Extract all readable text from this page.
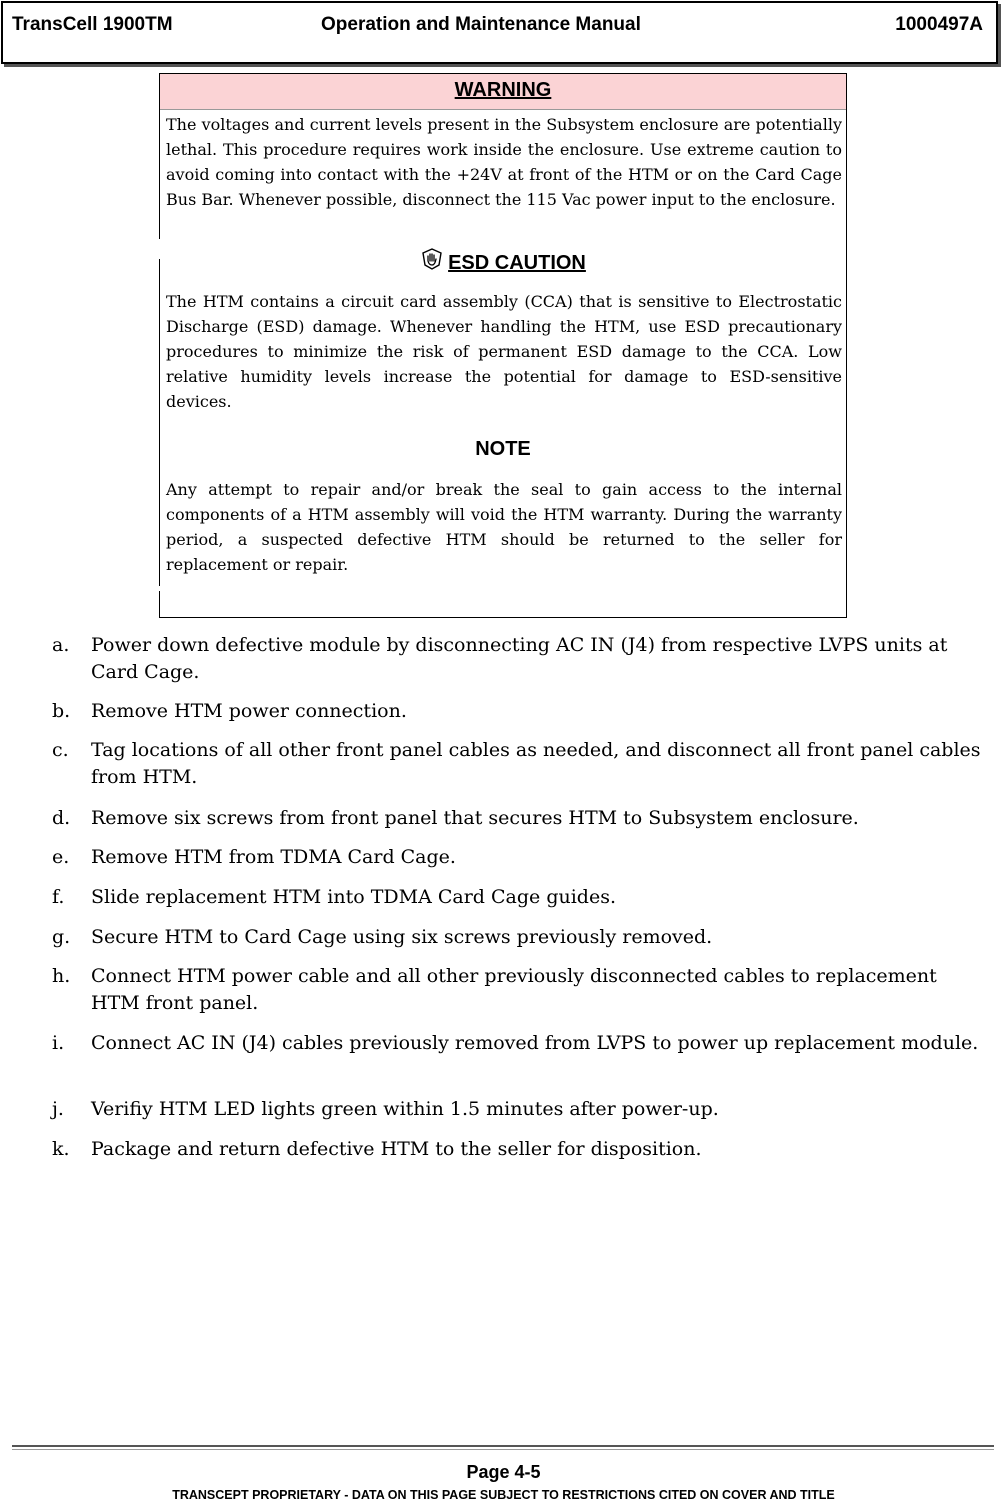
TransCell 1900TM	Operation and Maintenance Manual	1000497A
WARNING
The voltages and current levels present in the Subsystem enclosure are potentially lethal. This procedure requires work inside the enclosure. Use extreme caution to avoid coming into contact with the +24V at front of the HTM or on the Card Cage Bus Bar. Whenever possible, disconnect the 115 Vac power input to the enclosure.
ESD CAUTION
The HTM contains a circuit card assembly (CCA) that is sensitive to Electrostatic Discharge (ESD) damage. Whenever handling the HTM, use ESD precautionary procedures to minimize the risk of permanent ESD damage to the CCA. Low relative humidity levels increase the potential for damage to ESD-sensitive devices.
NOTE
Any attempt to repair and/or break the seal to gain access to the internal components of a HTM assembly will void the HTM warranty. During the warranty period, a suspected defective HTM should be returned to the seller for replacement or repair.
a.	Power down defective module by disconnecting AC IN (J4) from respective LVPS units at Card Cage.
b.	Remove HTM power connection.
c.	Tag locations of all other front panel cables as needed, and disconnect all front panel cables from HTM.
d.	Remove six screws from front panel that secures HTM to Subsystem enclosure.
e.	Remove HTM from TDMA Card Cage.
f.	Slide replacement HTM into TDMA Card Cage guides.
g.	Secure HTM to Card Cage using six screws previously removed.
h.	Connect HTM power cable and all other previously disconnected cables to replacement HTM front panel.
i.	Connect AC IN (J4) cables previously removed from LVPS to power up replacement module.
j.	Verifiy HTM LED lights green within 1.5 minutes after power-up.
k.	Package and return defective HTM to the seller for disposition.
Page 4-5
TRANSCEPT PROPRIETARY - DATA ON THIS PAGE SUBJECT TO RESTRICTIONS CITED ON COVER AND TITLE
